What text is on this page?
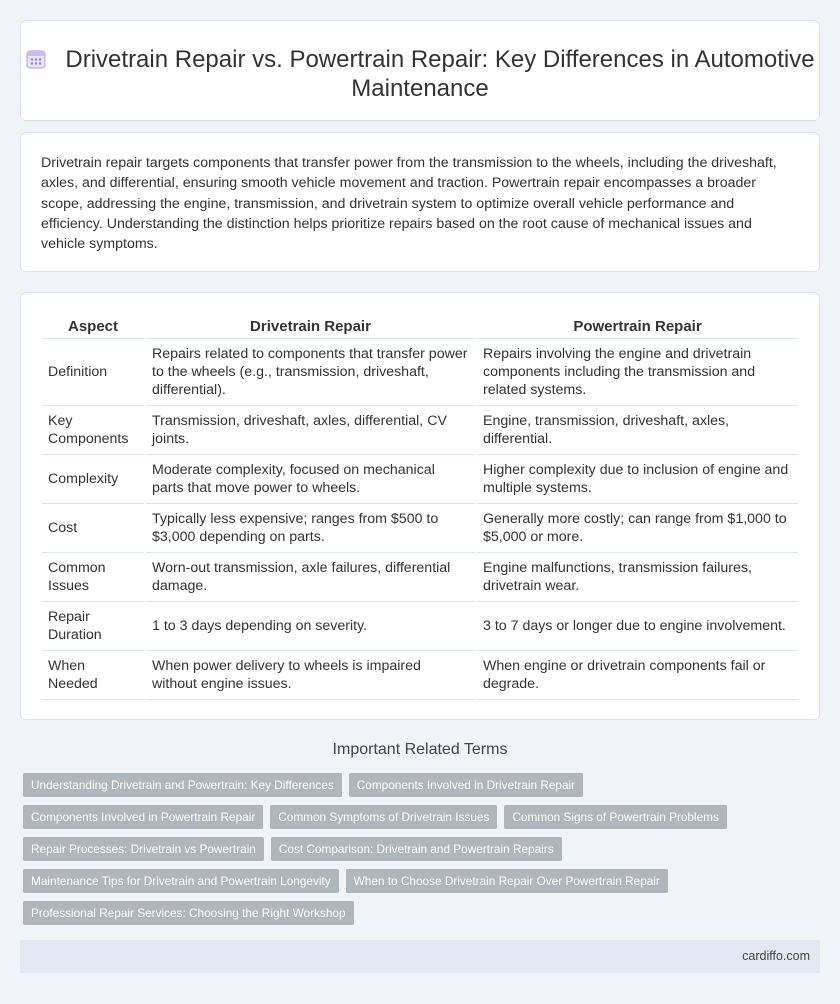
Drivetrain Repair vs. Powertrain Repair: Key Differences in Automotive Maintenance

Drivetrain repair targets components that transfer power from the transmission to the wheels, including the driveshaft, axles, and differential, ensuring smooth vehicle movement and traction. Powertrain repair encompasses a broader scope, addressing the engine, transmission, and drivetrain system to optimize overall vehicle performance and efficiency. Understanding the distinction helps prioritize repairs based on the root cause of mechanical issues and vehicle symptoms.

Aspect	Drivetrain Repair	Powertrain Repair
Definition	Repairs related to components that transfer power to the wheels (e.g., transmission, driveshaft, differential).	Repairs involving the engine and drivetrain components including the transmission and related systems.
Key Components	Transmission, driveshaft, axles, differential, CV joints.	Engine, transmission, driveshaft, axles, differential.
Complexity	Moderate complexity, focused on mechanical parts that move power to wheels.	Higher complexity due to inclusion of engine and multiple systems.
Cost	Typically less expensive; ranges from $500 to $3,000 depending on parts.	Generally more costly; can range from $1,000 to $5,000 or more.
Common Issues	Worn-out transmission, axle failures, differential damage.	Engine malfunctions, transmission failures, drivetrain wear.
Repair Duration	1 to 3 days depending on severity.	3 to 7 days or longer due to engine involvement.
When Needed	When power delivery to wheels is impaired without engine issues.	When engine or drivetrain components fail or degrade.
Important Related Terms
Understanding Drivetrain and Powertrain: Key Differences	Components Involved in Drivetrain Repair
Components Involved in Powertrain Repair	Common Symptoms of Drivetrain Issues	Common Signs of Powertrain Problems
Repair Processes: Drivetrain vs Powertrain	Cost Comparison: Drivetrain and Powertrain Repairs
Maintenance Tips for Drivetrain and Powertrain Longevity	When to Choose Drivetrain Repair Over Powertrain Repair
Professional Repair Services: Choosing the Right Workshop
cardiffo.com
